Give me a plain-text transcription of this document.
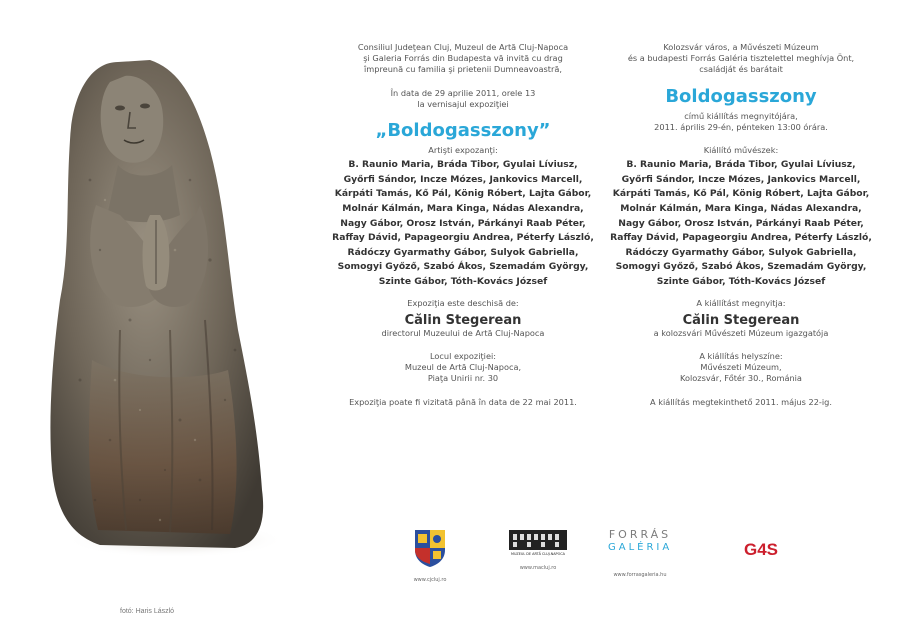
fotó: Haris László
Consiliul Judeţean Cluj, Muzeul de Artă Cluj-Napoca
şi Galeria Forrás din Budapesta vă invită cu drag
împreună cu familia şi prietenii Dumneavoastră,
În data de 29 aprilie 2011, orele 13
la vernisajul expoziţiei
„Boldogasszony”
Artişti expozanţi:
B. Raunio Maria, Bráda Tibor, Gyulai Líviusz,
Győrfi Sándor, Incze Mózes, Jankovics Marcell,
Kárpáti Tamás, Kő Pál, König Róbert, Lajta Gábor,
Molnár Kálmán, Mara Kinga, Nádas Alexandra,
Nagy Gábor, Orosz István, Párkányi Raab Péter,
Raffay Dávid, Papageorgiu Andrea, Péterfy László,
Rádóczy Gyarmathy Gábor, Sulyok Gabriella,
Somogyi Győző, Szabó Ákos, Szemadám György,
Szinte Gábor, Tóth-Kovács József
Expoziţia este deschisă de:
Călin Stegerean
directorul Muzeului de Artă Cluj-Napoca
Locul expoziţiei:
Muzeul de Artă Cluj-Napoca,
Piaţa Unirii nr. 30
Expoziţia poate fi vizitată până în data de 22 mai 2011.
Kolozsvár város, a Művészeti Múzeum
és a budapesti Forrás Galéria tisztelettel meghívja Önt,
családját és barátait
Boldogasszony
című kiállítás megnyitójára,
2011. április 29-én, pénteken 13:00 órára.
Kiállító művészek:
B. Raunio Maria, Bráda Tibor, Gyulai Líviusz,
Győrfi Sándor, Incze Mózes, Jankovics Marcell,
Kárpáti Tamás, Kő Pál, König Róbert, Lajta Gábor,
Molnár Kálmán, Mara Kinga, Nádas Alexandra,
Nagy Gábor, Orosz István, Párkányi Raab Péter,
Raffay Dávid, Papageorgiu Andrea, Péterfy László,
Rádóczy Gyarmathy Gábor, Sulyok Gabriella,
Somogyi Győző, Szabó Ákos, Szemadám György,
Szinte Gábor, Tóth-Kovács József
A kiállítást megnyitja:
Călin Stegerean
a kolozsvári Művészeti Múzeum igazgatója
A kiállítás helyszíne:
Művészeti Múzeum,
Kolozsvár, Főtér 30., Románia
A kiállítás megtekinthető 2011. május 22-ig.
www.cjcluj.ro
MUZEUL DE ARTĂ CLUJ-NAPOCA
www.macluj.ro
FORRÁS
GALÉRIA
www.forrasgaleria.hu
G4S
